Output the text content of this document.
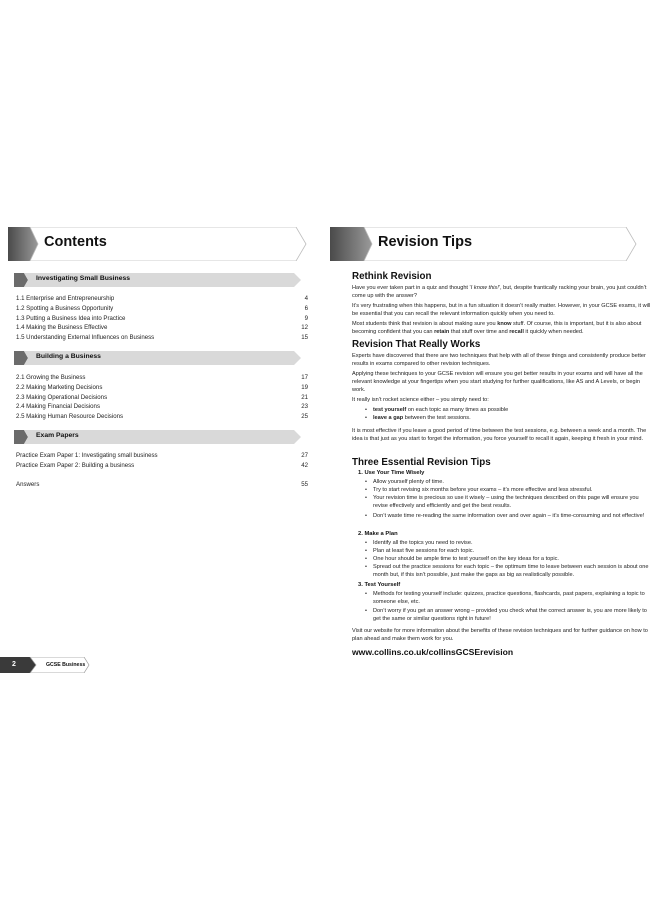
Contents
Investigating Small Business
1.1 Enterprise and Entrepreneurship	4
1.2 Spotting a Business Opportunity	6
1.3 Putting a Business Idea into Practice	9
1.4 Making the Business Effective	12
1.5 Understanding External Influences on Business	15
Building a Business
2.1 Growing the Business	17
2.2 Making Marketing Decisions	19
2.3 Making Operational Decisions	21
2.4 Making Financial Decisions	23
2.5 Making Human Resource Decisions	25
Exam Papers
Practice Exam Paper 1: Investigating small business	27
Practice Exam Paper 2: Building a business	42
Answers	55
2	GCSE Business
Revision Tips
Rethink Revision
Have you ever taken part in a quiz and thought ‘I know this!’, but, despite frantically racking your brain, you just couldn’t come up with the answer?
It’s very frustrating when this happens, but in a fun situation it doesn’t really matter. However, in your GCSE exams, it will be essential that you can recall the relevant information quickly when you need to.
Most students think that revision is about making sure you know stuff. Of course, this is important, but it is also about becoming confident that you can retain that stuff over time and recall it quickly when needed.
Revision That Really Works
Experts have discovered that there are two techniques that help with all of these things and consistently produce better results in exams compared to other revision techniques.
Applying these techniques to your GCSE revision will ensure you get better results in your exams and will have all the relevant knowledge at your fingertips when you start studying for further qualifications, like AS and A Levels, or begin work.
It really isn’t rocket science either – you simply need to:
• test yourself on each topic as many times as possible
• leave a gap between the test sessions.
It is most effective if you leave a good period of time between the test sessions, e.g. between a week and a month. The idea is that just as you start to forget the information, you force yourself to recall it again, keeping it fresh in your mind.
Three Essential Revision Tips
1. Use Your Time Wisely
• Allow yourself plenty of time.
• Try to start revising six months before your exams – it’s more effective and less stressful.
• Your revision time is precious so use it wisely – using the techniques described on this page will ensure you revise effectively and efficiently and get the best results.
• Don’t waste time re-reading the same information over and over again – it’s time-consuming and not effective!
2. Make a Plan
• Identify all the topics you need to revise.
• Plan at least five sessions for each topic.
• One hour should be ample time to test yourself on the key ideas for a topic.
• Spread out the practice sessions for each topic – the optimum time to leave between each session is about one month but, if this isn’t possible, just make the gaps as big as realistically possible.
3. Test Yourself
• Methods for testing yourself include: quizzes, practice questions, flashcards, past papers, explaining a topic to someone else, etc.
• Don’t worry if you get an answer wrong – provided you check what the correct answer is, you are more likely to get the same or similar questions right in future!
Visit our website for more information about the benefits of these revision techniques and for further guidance on how to plan ahead and make them work for you.
www.collins.co.uk/collinsGCSErevision
